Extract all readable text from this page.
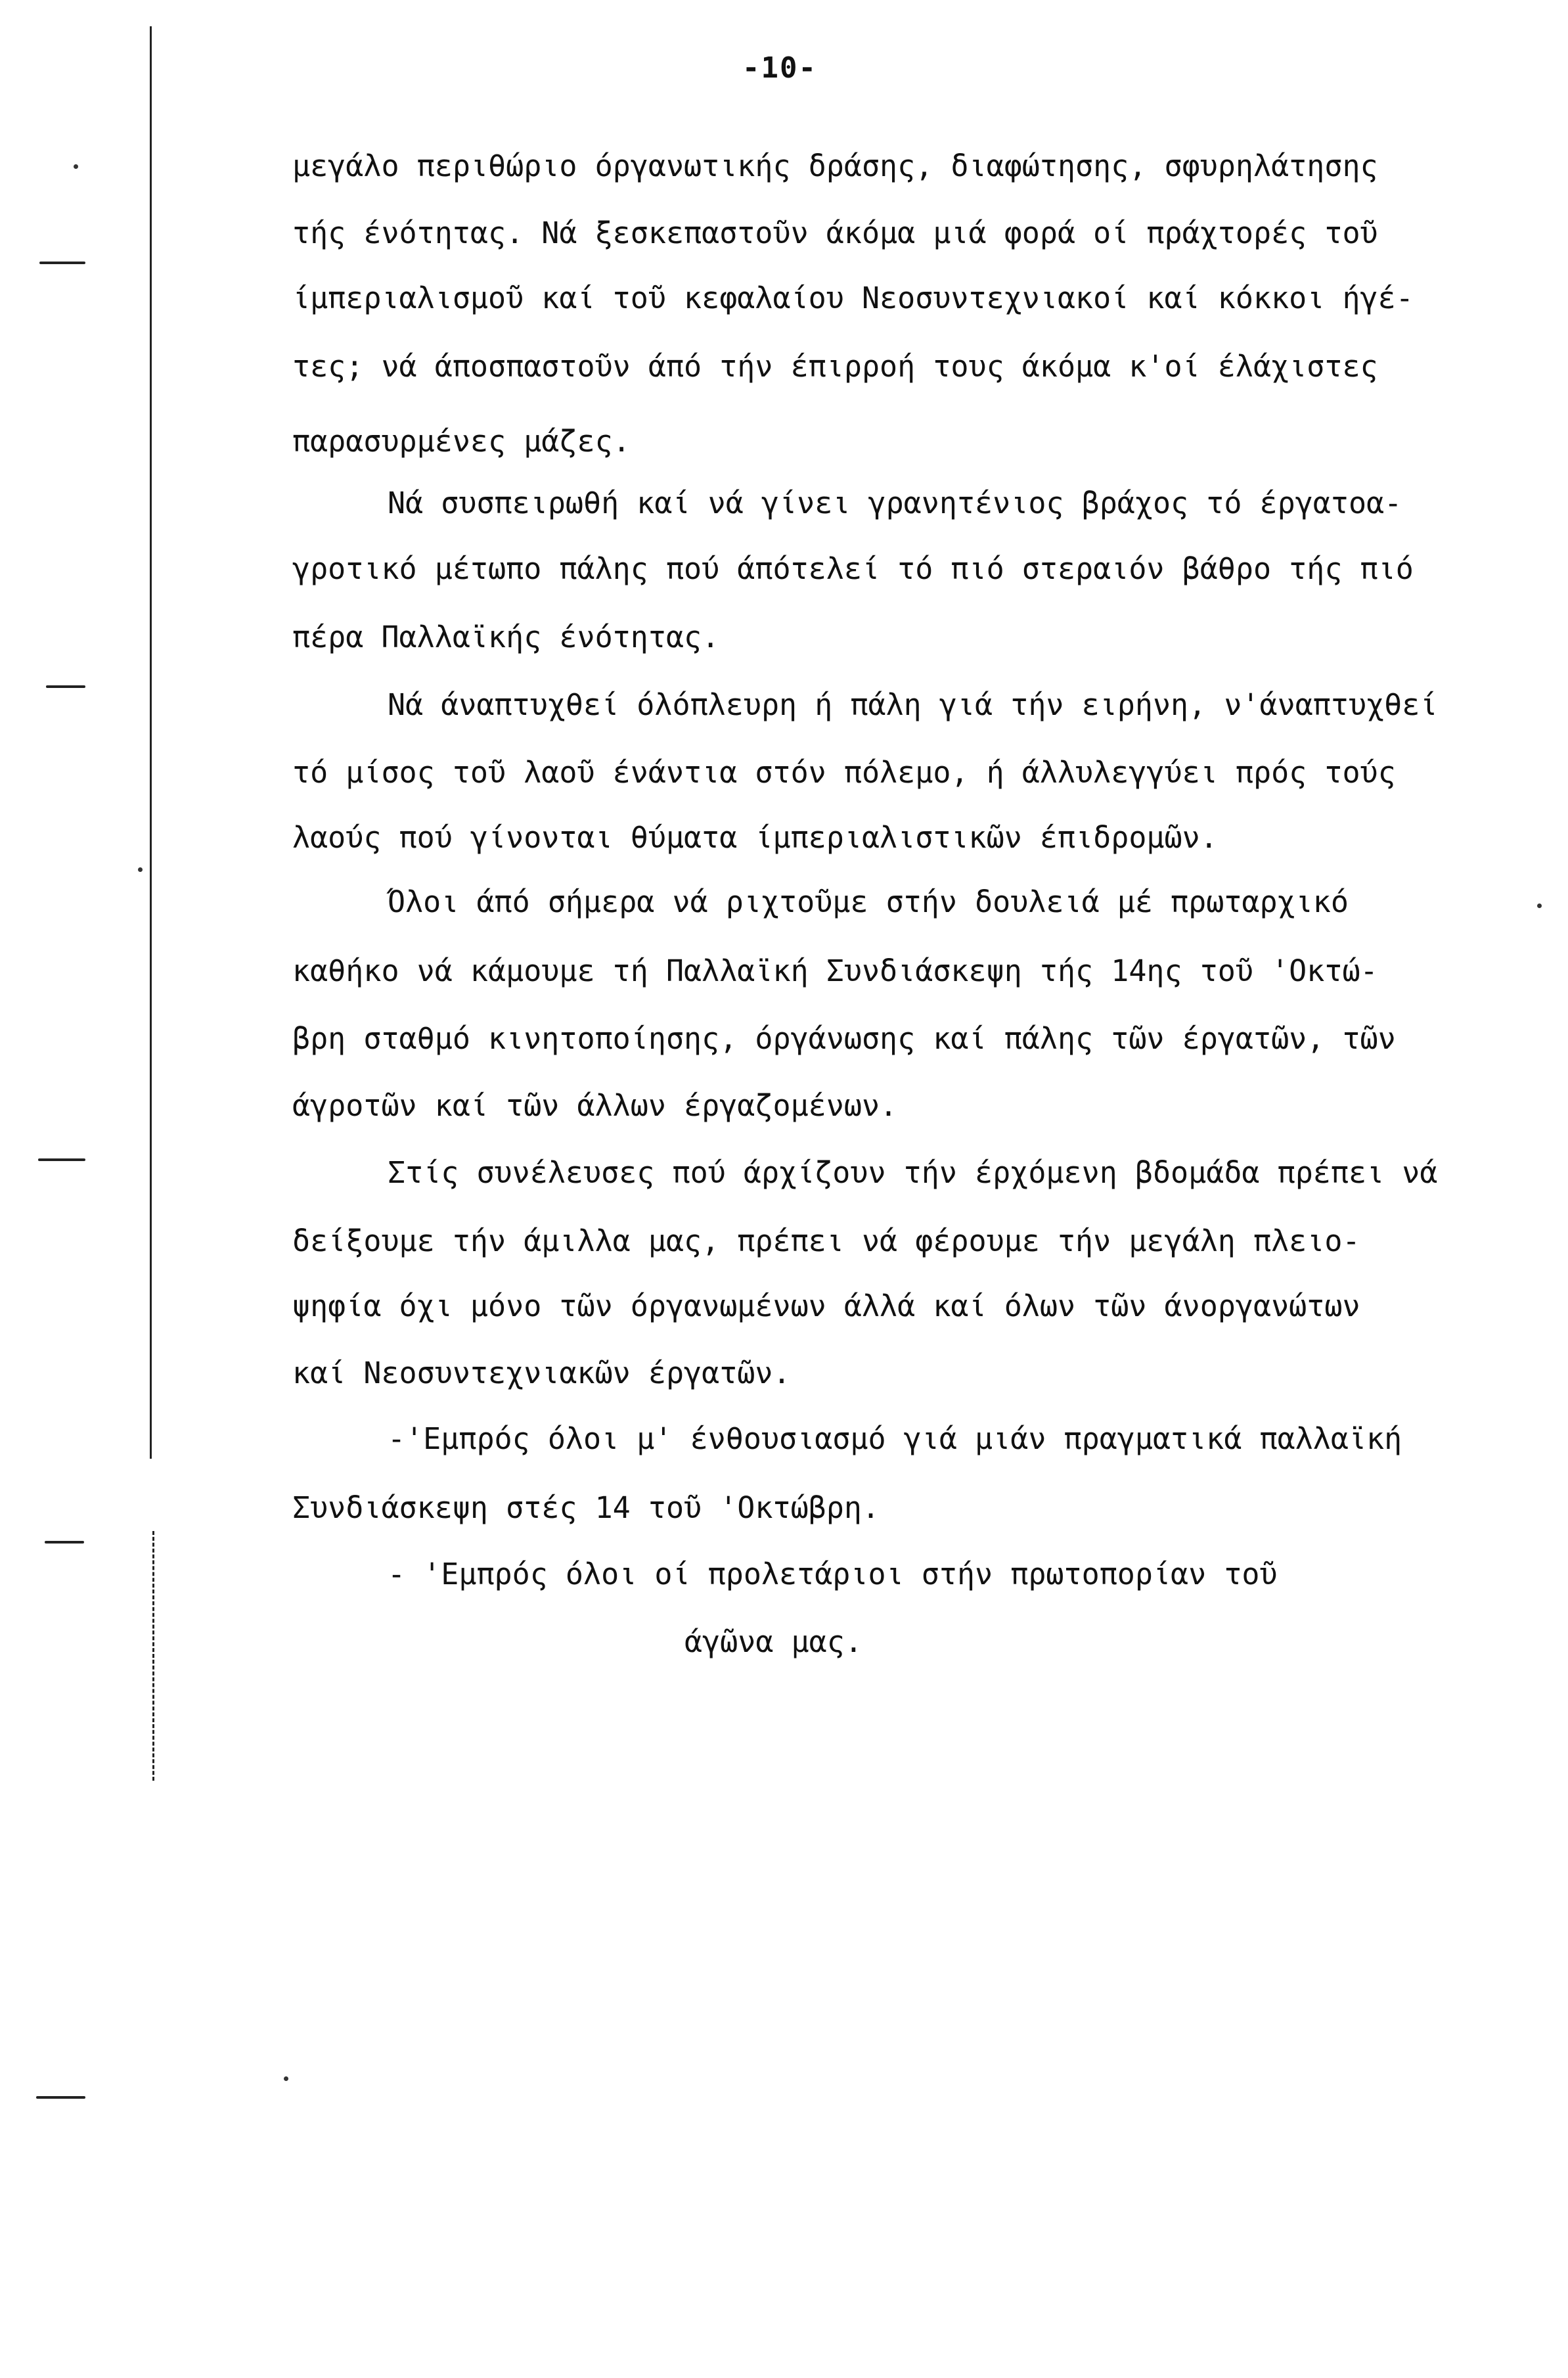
-10-
μεγάλο περιθώριο όργανωτικής δράσης, διαφώτησης, σφυρηλάτησης
τής ένότητας. Νά ξεσκεπαστοῦν άκόμα μιά φορά οί πράχτορές τοῦ
ίμπεριαλισμοῦ καί τοῦ κεφαλαίου Νεοσυντεχνιακοί καί κόκκοι ήγέ-
τες; νά άποσπαστοῦν άπό τήν έπιρροή τους άκόμα κ'οί έλάχιστες
παρασυρμένες μάζες.
Νά συσπειρωθή καί νά γίνει γρανητένιος βράχος τό έργατοα-
γροτικό μέτωπο πάλης πού άπότελεί τό πιό στεραιόν βάθρο τής πιό
πέρα Παλλαϊκής ένότητας.
Νά άναπτυχθεί όλόπλευρη ή πάλη γιά τήν ειρήνη, ν'άναπτυχθεί
τό μίσος τοῦ λαοῦ ένάντια στόν πόλεμο, ή άλλυλεγγύει πρός τούς
λαούς πού γίνονται θύματα ίμπεριαλιστικῶν έπιδρομῶν.
Όλοι άπό σήμερα νά ριχτοῦμε στήν δουλειά μέ πρωταρχικό
καθήκο νά κάμουμε τή Παλλαϊκή Συνδιάσκεψη τής 14ης τοῦ 'Οκτώ-
βρη σταθμό κινητοποίησης, όργάνωσης καί πάλης τῶν έργατῶν, τῶν
άγροτῶν καί τῶν άλλων έργαζομένων.
Στίς συνέλευσες πού άρχίζουν τήν έρχόμενη βδομάδα πρέπει νά
δείξουμε τήν άμιλλα μας, πρέπει νά φέρουμε τήν μεγάλη πλειο-
ψηφία όχι μόνο τῶν όργανωμένων άλλά καί όλων τῶν άνοργανώτων
καί Νεοσυντεχνιακῶν έργατῶν.
-'Εμπρός όλοι μ' ένθουσιασμό γιά μιάν πραγματικά παλλαϊκή
Συνδιάσκεψη στές 14 τοῦ 'Οκτώβρη.
- 'Εμπρός όλοι οί προλετάριοι στήν πρωτοπορίαν τοῦ
άγῶνα μας.
